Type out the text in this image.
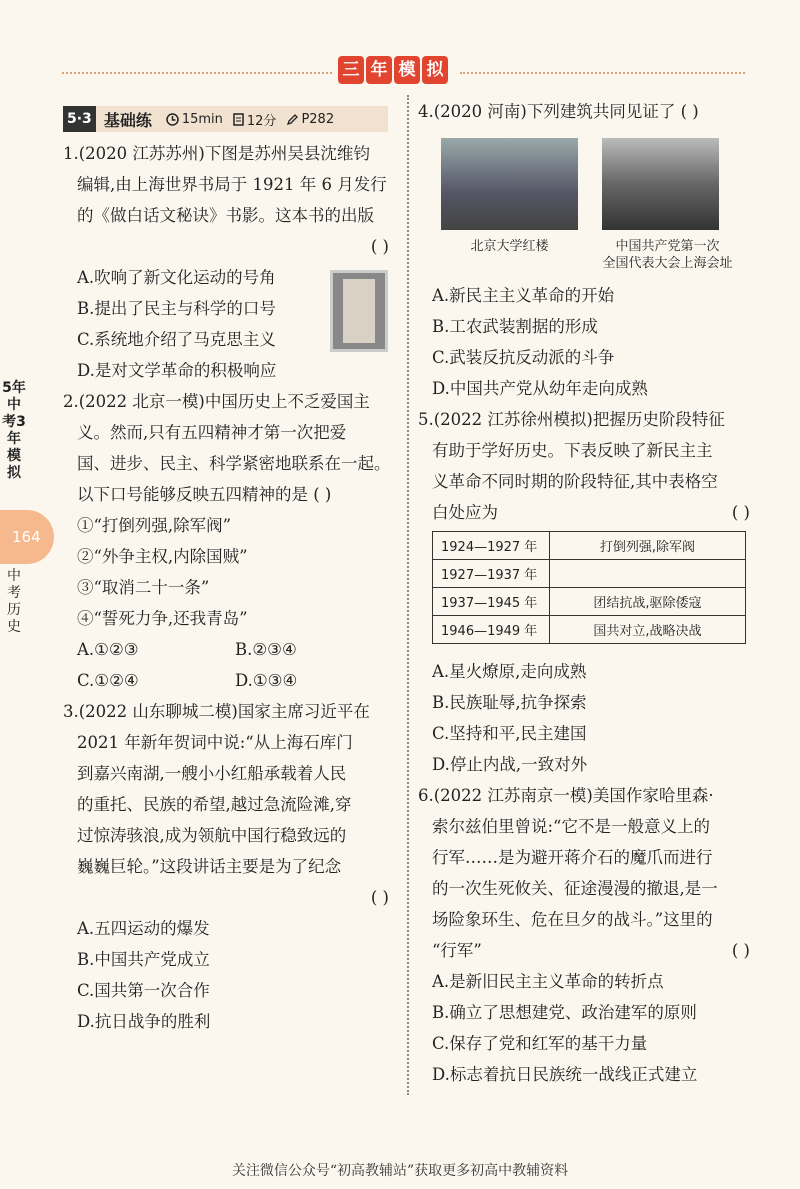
三 年 模 拟
5年中考3年模拟
164
中考历史
5·3 基础练 15min 12分 P282

1.(2020 江苏苏州)下图是苏州吴县沈维钧

编辑,由上海世界书局于 1921 年 6 月发行

的《做白话文秘诀》书影。这本书的出版

( )

A.吹响了新文化运动的号角

B.提出了民主与科学的口号

C.系统地介绍了马克思主义

D.是对文学革命的积极响应

2.(2022 北京一模)中国历史上不乏爱国主

义。然而,只有五四精神才第一次把爱

国、进步、民主、科学紧密地联系在一起。

以下口号能够反映五四精神的是 ( )

①“打倒列强,除军阀”

②“外争主权,内除国贼”

③“取消二十一条”

④“誓死力争,还我青岛”

A.①②③	B.②③④
C.①②④	D.①③④

3.(2022 山东聊城二模)国家主席习近平在

2021 年新年贺词中说:“从上海石库门

到嘉兴南湖,一艘小小红船承载着人民

的重托、民族的希望,越过急流险滩,穿

过惊涛骇浪,成为领航中国行稳致远的

巍巍巨轮。”这段讲话主要是为了纪念

( )

A.五四运动的爆发

B.中国共产党成立

C.国共第一次合作

D.抗日战争的胜利

4.(2020 河南)下列建筑共同见证了 ( )

北京大学红楼	中国共产党第一次
全国代表大会上海会址

A.新民主主义革命的开始

B.工农武装割据的形成

C.武装反抗反动派的斗争

D.中国共产党从幼年走向成熟

5.(2022 江苏徐州模拟)把握历史阶段特征

有助于学好历史。下表反映了新民主主

义革命不同时期的阶段特征,其中表格空

白处应为	( )
1924—1927 年	打倒列强,除军阀
1927—1937 年	
1937—1945 年	团结抗战,驱除倭寇
1946—1949 年	国共对立,战略决战

A.星火燎原,走向成熟

B.民族耻辱,抗争探索

C.坚持和平,民主建国

D.停止内战,一致对外

6.(2022 江苏南京一模)美国作家哈里森·

索尔兹伯里曾说:“它不是一般意义上的

行军……是为避开蒋介石的魔爪而进行

的一次生死攸关、征途漫漫的撤退,是一

场险象环生、危在旦夕的战斗。”这里的

“行军”	( )

A.是新旧民主主义革命的转折点

B.确立了思想建党、政治建军的原则

C.保存了党和红军的基干力量

D.标志着抗日民族统一战线正式建立

关注微信公众号“初高教辅站”获取更多初高中教辅资料
